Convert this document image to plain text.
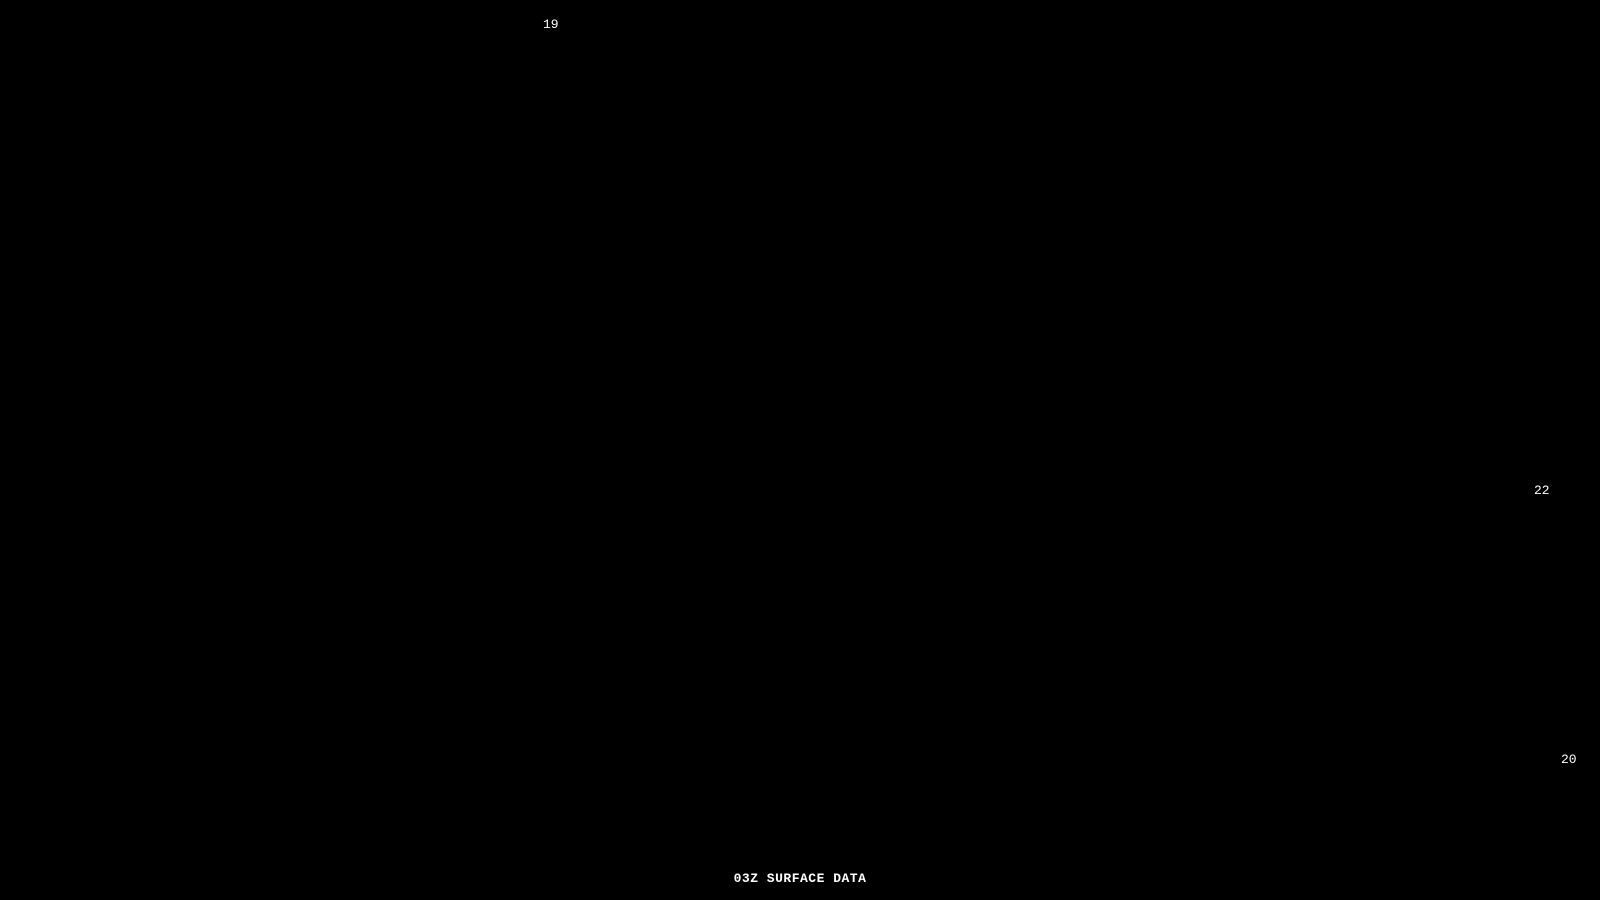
19
22
20
03Z SURFACE DATA
